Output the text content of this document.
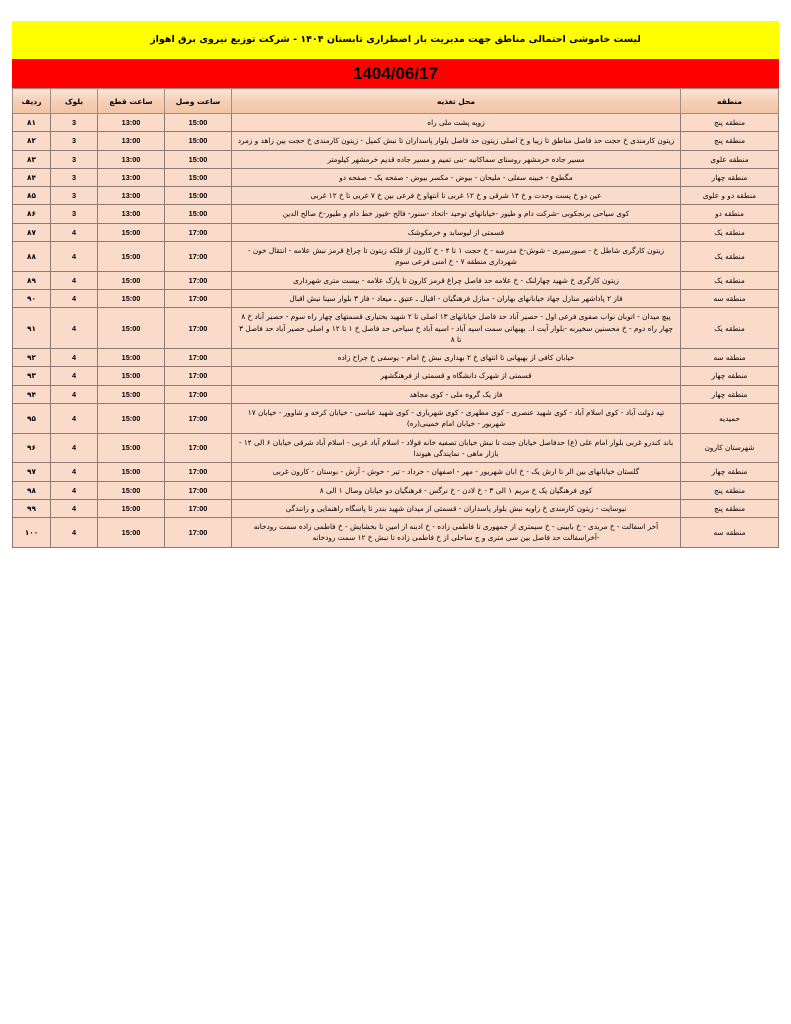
لیست خاموشی احتمالی مناطق جهت مدیریت بار اضطراری تابستان ۱۴۰۴ - شرکت توزیع نیروی برق اهواز
1404/06/17
منطقه	محل تغذیه	ساعت وصل	ساعت قطع	بلوک	ردیف
منطقه پنج	زویه پشت ملی راه	15:00	13:00	3	۸۱
منطقه پنج	زیتون کارمندی خ حجت حد فاصل مناطق تا زیبا و خ اصلی زیتون حد فاصل بلوار پاسداران تا نبش کمیل - زیتون کارمندی خ حجت بین زاهد و زمرد	15:00	13:00	3	۸۲
منطقه علوی	مسیر جاده خرمشهر روستای سماکانیه -بنی تمیم و مسیر جاده قدیم خرمشهر کیلومتر	15:00	13:00	3	۸۳
منطقه چهار	مگطوع - خبینه سفلی - ملیحان - بیوض - مکسر بیوض - صفحه یک - صفحه دو	15:00	13:00	3	۸۴
منطقه دو و علوی	عین دو خ پست وحدت و خ ۱۴ شرقی و خ ۱۲ غربی تا انتهاو خ فرعی بین خ ۷ غربی تا خ ۱۲ غربی	15:00	13:00	3	۸۵
منطقه دو	کوی سیاحی برنجکوبی -شرکت دام و طیور -خیابانهای توحید -اتحاد -سنور- فالح -فیوز خط دام و طیور-خ صالح الدین	15:00	13:00	3	۸۶
منطقه یک	قسمتی از لیوسابد و خرمکوشک	17:00	15:00	4	۸۷
منطقه یک	زیتون کارگری شاطل خ - صبورسیری - شوش-خ مدرسه - خ حجت ۱ تا ۴ - خ کارون از فلکه زیتون تا چراغ قرمز نبش علامه - انتقال خون - شهرداری منطقه ۷ - خ امنی فرعی سوم	17:00	15:00	4	۸۸
منطقه یک	زیتون کارگری خ شهید چهارلنک - خ علامه حد فاصل چراغ قرمز کارون تا پارک علامه - بیست متری شهرداری	17:00	15:00	4	۸۹
منطقه سه	فاز ۲ پاداشهر منازل جهاد خیابانهای بهاران - منازل فرهنگیان - اقبال ـ عتیق ـ میعاد - فاز ۳ بلوار سینا نبش اقبال	17:00	15:00	4	۹۰
منطقه یک	پیچ میدان - اتوبان نواب صفوی فرعی اول - حصیر آباد حد فاصل خیابانهای ۱۳ اصلی تا ۲ شهید بختیاری قسمتهای چهار راه سوم - حصیر آباد خ ۸ چهار راه دوم - خ محسنین سخیربه -بلوار آیت ا.. بهبهانی سمت اسیه آباد - اسیه آباد خ سیاحی حد فاصل خ ۱ تا ۱۲ و اصلی حصیر آباد حد فاصل ۳ تا ۸	17:00	15:00	4	۹۱
منطقه سه	خیابان کافی از بهبهانی تا انتهای خ ۲ بهداری نبش خ امام - یوسفی خ جراح زاده	17:00	15:00	4	۹۲
منطقه چهار	قسمتی از شهرک دانشگاه و قسمتی از فرهنگشهر	17:00	15:00	4	۹۳
منطقه چهار	فاز یک گروه ملی - کوی مجاهد	17:00	15:00	4	۹۴
حمیدیه	تپه دولت آباد - کوی اسلام آباد - کوی شهید عنصری - کوی مطهری - کوی شهرباری - کوی شهید عباسی - خیابان کرخه و شاوور - خیابان ۱۷ شهریور - خیابان امام خمینی(ره)	17:00	15:00	4	۹۵
شهرستان کارون	باند کندرو غربی بلوار امام علی (ع) حدفاصل خیابان جنت تا نبش خیابان تصفیه خانه فولاد - اسلام آباد غربی - اسلام آباد شرقی خیابان ۶ الی ۱۴ - بازار ماهی - نمایندگی هیوندا	17:00	15:00	4	۹۶
منطقه چهار	گلستان خیابانهای بین الر تا ارش یک - خ ابان شهریور - مهر - اصفهان - خرداد - تیر - خوش - آرش - بوستان - کارون غربی	17:00	15:00	4	۹۷
منطقه پنج	کوی فرهنگیان یک خ مریم ۱ الی ۳ - خ لادن - خ نرگس - فرهنگیان دو خیابان وصال ۱ الی ۸	17:00	15:00	4	۹۸
منطقه پنج	نیوسایت - زیتون کارمندی خ زاویه نبش بلوار پاسداران - قسمتی از میدان شهید بندر تا پاسگاه راهنمایی و رانندگی	17:00	15:00	4	۹۹
منطقه سه	آخر اسفالت - خ مربدی - خ بابینی - خ سیمتری از جمهوری تا فاطمی زاده - خ ادبنه از امین تا بخشایش - خ فاطمی زاده سمت رودخانه -آخراسفالت حد فاصل بین سی متری و ج ساحلی از خ فاطمی زاده تا نبش خ ۱۲ سمت رودخانه	17:00	15:00	4	۱۰۰
